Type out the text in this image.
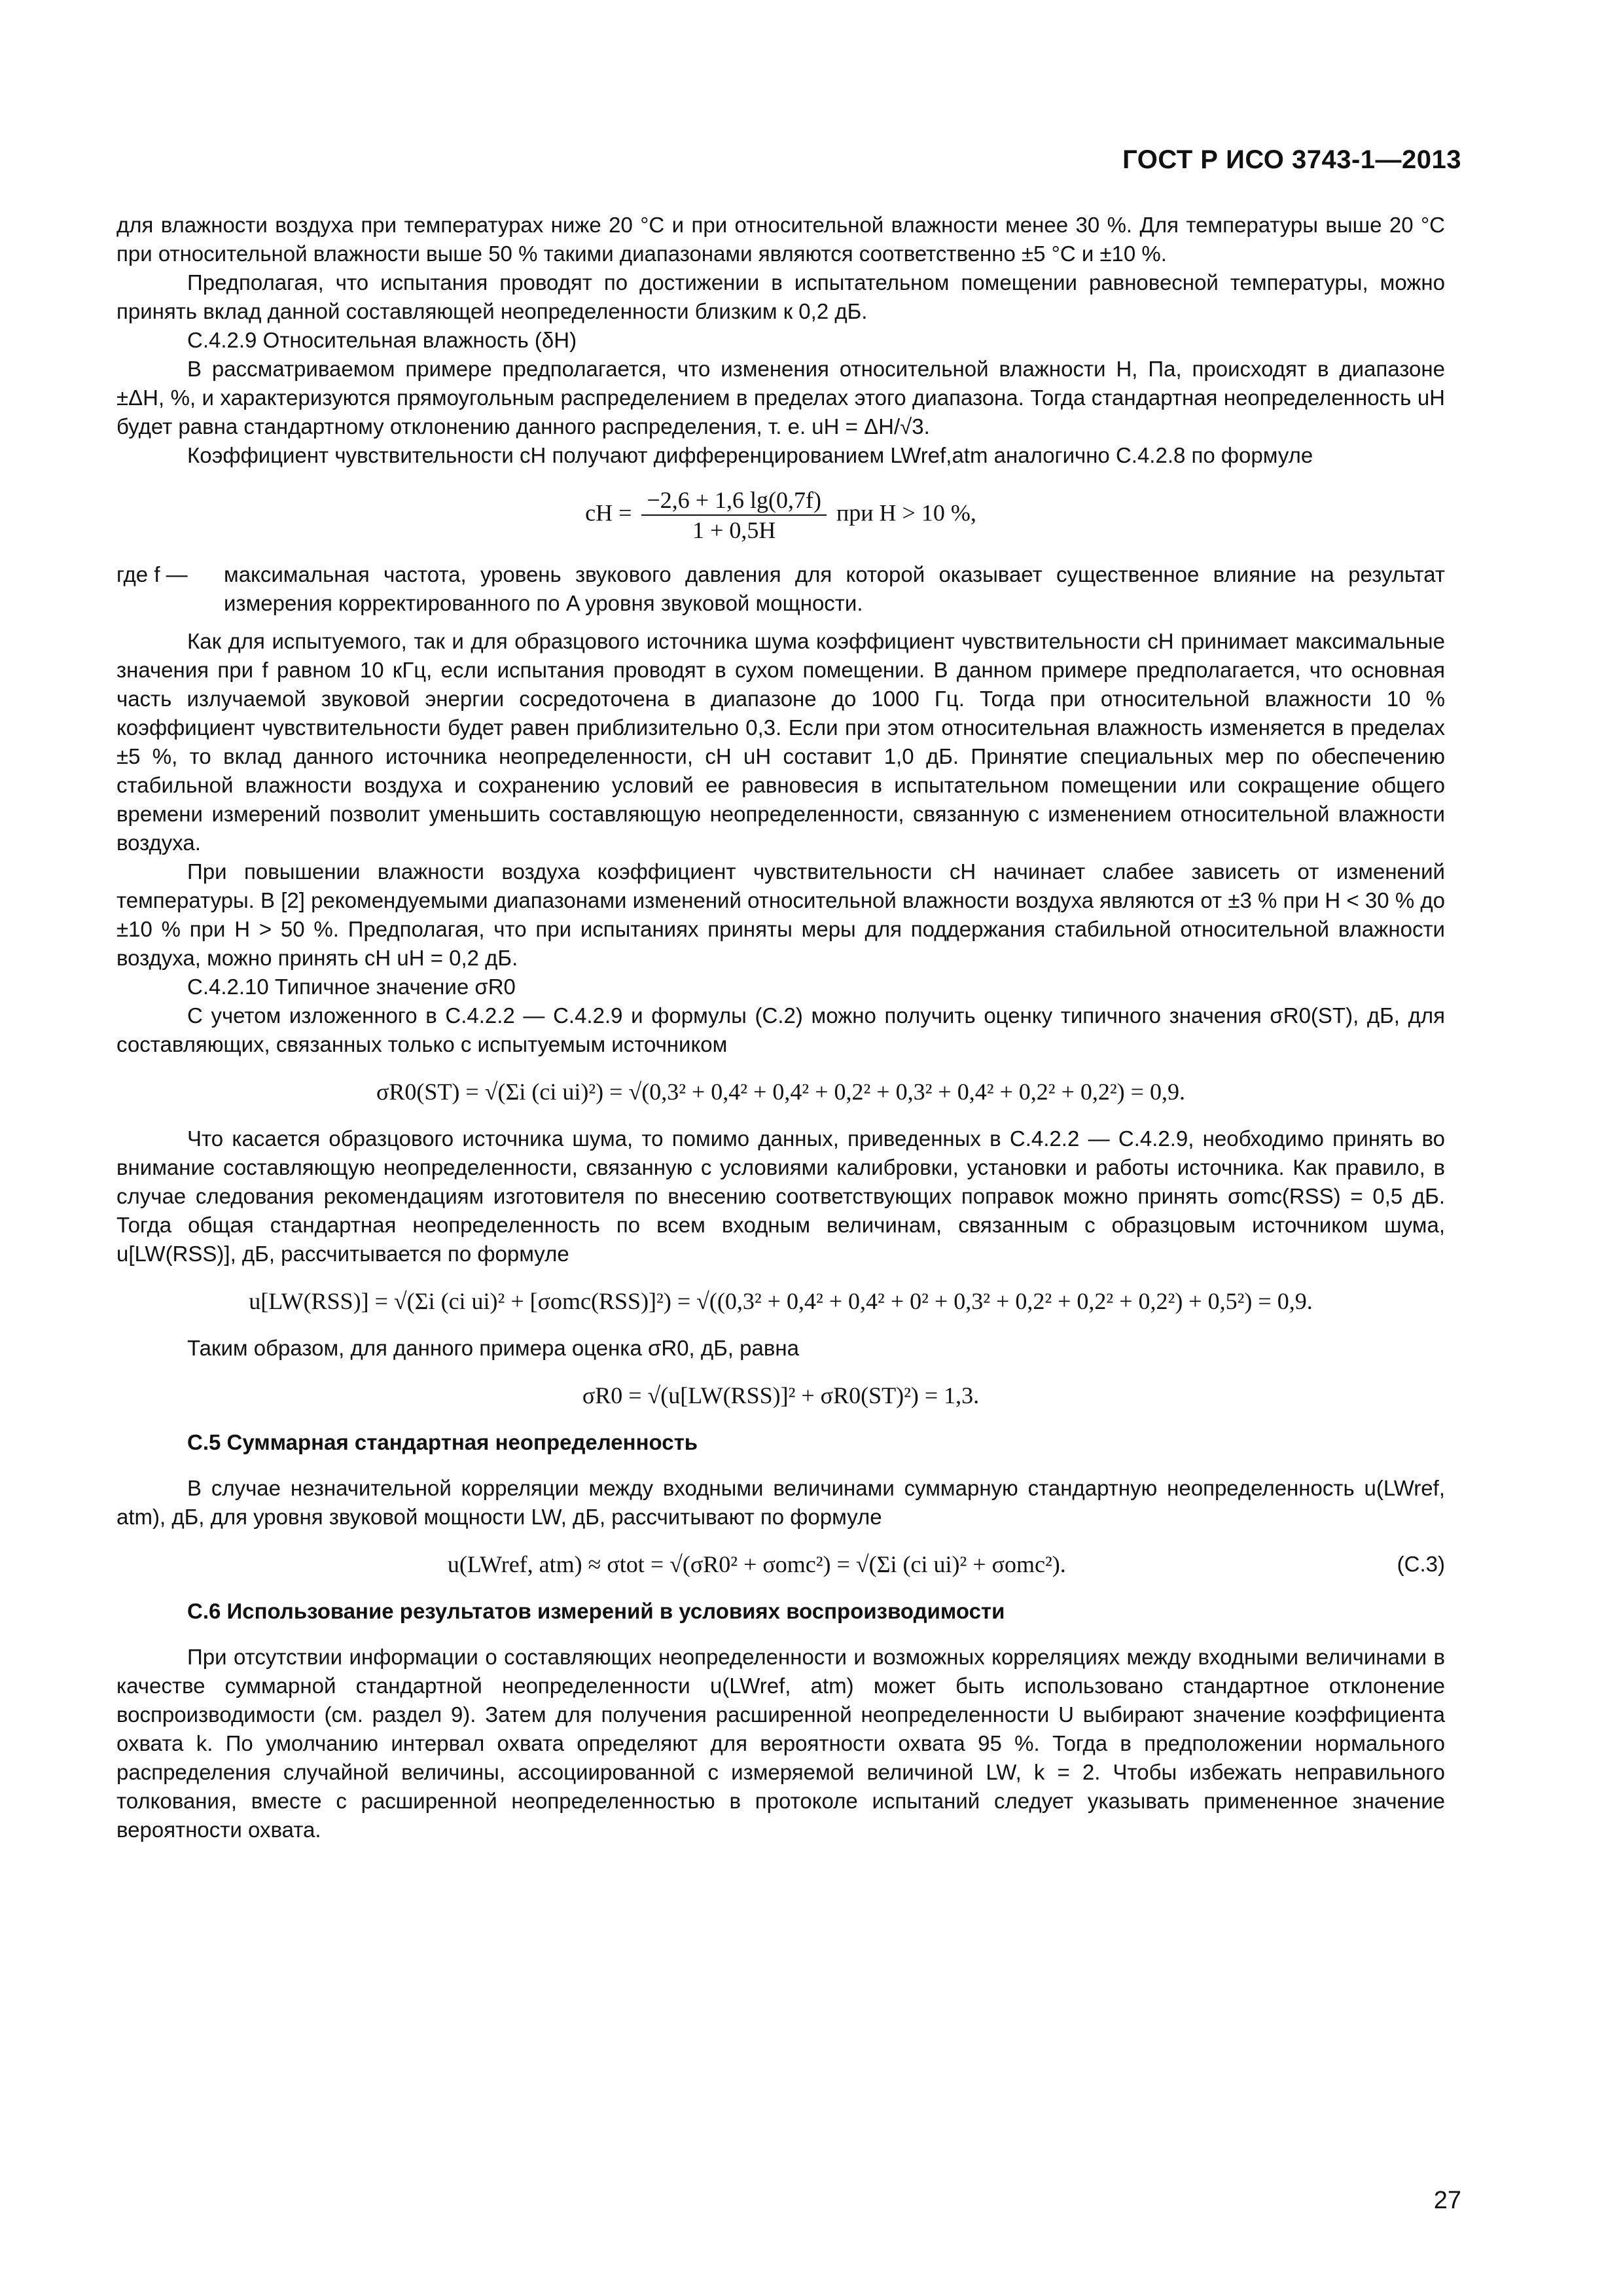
ГОСТ Р ИСО 3743-1—2013

для влажности воздуха при температурах ниже 20 °С и при относительной влажности менее 30 %. Для температуры выше 20 °С при относительной влажности выше 50 % такими диапазонами являются соответственно ±5 °С и ±10 %.

Предполагая, что испытания проводят по достижении в испытательном помещении равновесной температуры, можно принять вклад данной составляющей неопределенности близким к 0,2 дБ.

С.4.2.9 Относительная влажность (δH)

В рассматриваемом примере предполагается, что изменения относительной влажности H, Па, происходят в диапазоне ±ΔH, %, и характеризуются прямоугольным распределением в пределах этого диапазона. Тогда стандартная неопределенность uH будет равна стандартному отклонению данного распределения, т. е. uH = ΔH/√3.

Коэффициент чувствительности cH получают дифференцированием LWref,atm аналогично С.4.2.8 по формуле

cH = $\frac{-2,6 + 1,6 \lg(0,7f)}{1 + 0,5H}$ при H > 10 %,
где f —	максимальная частота, уровень звукового давления для которой оказывает существенное влияние на результат измерения корректированного по A уровня звуковой мощности.

Как для испытуемого, так и для образцового источника шума коэффициент чувствительности cH принимает максимальные значения при f равном 10 кГц, если испытания проводят в сухом помещении. В данном примере предполагается, что основная часть излучаемой звуковой энергии сосредоточена в диапазоне до 1000 Гц. Тогда при относительной влажности 10 % коэффициент чувствительности будет равен приблизительно 0,3. Если при этом относительная влажность изменяется в пределах ±5 %, то вклад данного источника неопределенности, cH uH составит 1,0 дБ. Принятие специальных мер по обеспечению стабильной влажности воздуха и сохранению условий ее равновесия в испытательном помещении или сокращение общего времени измерений позволит уменьшить составляющую неопределенности, связанную с изменением относительной влажности воздуха.

При повышении влажности воздуха коэффициент чувствительности cH начинает слабее зависеть от изменений температуры. В [2] рекомендуемыми диапазонами изменений относительной влажности воздуха являются от ±3 % при H < 30 % до ±10 % при H > 50 %. Предполагая, что при испытаниях приняты меры для поддержания стабильной относительной влажности воздуха, можно принять cH uH = 0,2 дБ.

С.4.2.10 Типичное значение σR0

С учетом изложенного в С.4.2.2 — С.4.2.9 и формулы (С.2) можно получить оценку типичного значения σR0(ST), дБ, для составляющих, связанных только с испытуемым источником

σR0(ST) = √(Σi (ci ui)²) = √(0,3² + 0,4² + 0,4² + 0,2² + 0,3² + 0,4² + 0,2² + 0,2²) = 0,9.

Что касается образцового источника шума, то помимо данных, приведенных в С.4.2.2 — С.4.2.9, необходимо принять во внимание составляющую неопределенности, связанную с условиями калибровки, установки и работы источника. Как правило, в случае следования рекомендациям изготовителя по внесению соответствующих поправок можно принять σomc(RSS) = 0,5 дБ. Тогда общая стандартная неопределенность по всем входным величинам, связанным с образцовым источником шума, u[LW(RSS)], дБ, рассчитывается по формуле

u[LW(RSS)] = √(Σi (ci ui)² + [σomc(RSS)]²) = √((0,3² + 0,4² + 0,4² + 0² + 0,3² + 0,2² + 0,2² + 0,2²) + 0,5²) = 0,9.

Таким образом, для данного примера оценка σR0, дБ, равна

σR0 = √(u[LW(RSS)]² + σR0(ST)²) = 1,3.

С.5 Суммарная стандартная неопределенность

В случае незначительной корреляции между входными величинами суммарную стандартную неопределенность u(LWref, atm), дБ, для уровня звуковой мощности LW, дБ, рассчитывают по формуле

(С.3)
u(LWref, atm) ≈ σtot = √(σR0² + σomc²) = √(Σi (ci ui)² + σomc²).

С.6 Использование результатов измерений в условиях воспроизводимости

При отсутствии информации о составляющих неопределенности и возможных корреляциях между входными величинами в качестве суммарной стандартной неопределенности u(LWref, atm) может быть использовано стандартное отклонение воспроизводимости (см. раздел 9). Затем для получения расширенной неопределенности U выбирают значение коэффициента охвата k. По умолчанию интервал охвата определяют для вероятности охвата 95 %. Тогда в предположении нормального распределения случайной величины, ассоциированной с измеряемой величиной LW, k = 2. Чтобы избежать неправильного толкования, вместе с расширенной неопределенностью в протоколе испытаний следует указывать примененное значение вероятности охвата.

27
